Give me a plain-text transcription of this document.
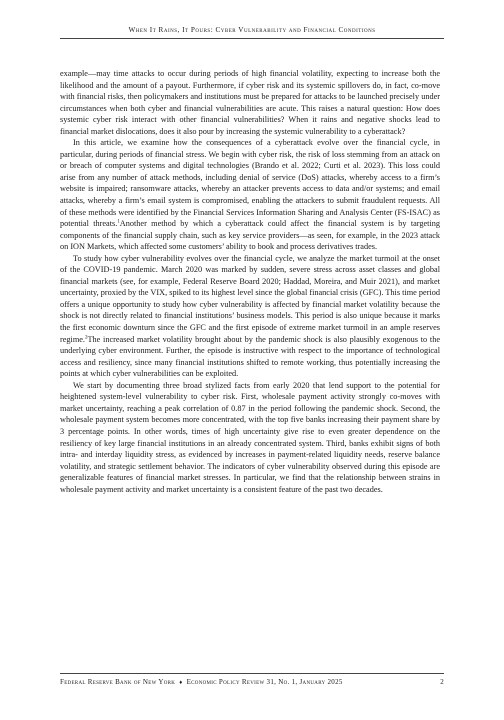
When It Rains, It Pours: Cyber Vulnerability and Financial Conditions

example—may time attacks to occur during periods of high financial volatility, expecting to increase both the likelihood and the amount of a payout. Furthermore, if cyber risk and its systemic spillovers do, in fact, co-move with financial risks, then policymakers and institutions must be prepared for attacks to be launched precisely under circumstances when both cyber and financial vulnerabilities are acute. This raises a natural question: How does systemic cyber risk interact with other financial vulnerabilities? When it rains and negative shocks lead to financial market dislocations, does it also pour by increasing the systemic vulnerability to a cyberattack?

In this article, we examine how the consequences of a cyberattack evolve over the financial cycle, in particular, during periods of financial stress. We begin with cyber risk, the risk of loss stemming from an attack on or breach of computer systems and digital technologies (Brando et al. 2022; Curti et al. 2023). This loss could arise from any number of attack methods, including denial of service (DoS) attacks, whereby access to a firm’s website is impaired; ransomware attacks, whereby an attacker prevents access to data and/or systems; and email attacks, whereby a firm’s email system is compromised, enabling the attackers to submit fraudulent requests. All of these methods were identified by the Financial Services Information Sharing and Analysis Center (FS-ISAC) as potential threats.$^1$Another method by which a cyberattack could affect the financial system is by targeting components of the financial supply chain, such as key service providers—as seen, for example, in the 2023 attack on ION Markets, which affected some customers’ ability to book and process derivatives trades.

To study how cyber vulnerability evolves over the financial cycle, we analyze the market turmoil at the onset of the COVID-19 pandemic. March 2020 was marked by sudden, severe stress across asset classes and global financial markets (see, for example, Federal Reserve Board 2020; Haddad, Moreira, and Muir 2021), and market uncertainty, proxied by the VIX, spiked to its highest level since the global financial crisis (GFC). This time period offers a unique opportunity to study how cyber vulnerability is affected by financial market volatility because the shock is not directly related to financial institutions’ business models. This period is also unique because it marks the first economic downturn since the GFC and the first episode of extreme market turmoil in an ample reserves regime.$^2$The increased market volatility brought about by the pandemic shock is also plausibly exogenous to the underlying cyber environment. Further, the episode is instructive with respect to the importance of technological access and resiliency, since many financial institutions shifted to remote working, thus potentially increasing the points at which cyber vulnerabilities can be exploited.

We start by documenting three broad stylized facts from early 2020 that lend support to the potential for heightened system-level vulnerability to cyber risk. First, wholesale payment activity strongly co-moves with market uncertainty, reaching a peak correlation of 0.87 in the period following the pandemic shock. Second, the wholesale payment system becomes more concentrated, with the top five banks increasing their payment share by 3 percentage points. In other words, times of high uncertainty give rise to even greater dependence on the resiliency of key large financial institutions in an already concentrated system. Third, banks exhibit signs of both intra- and interday liquidity stress, as evidenced by increases in payment-related liquidity needs, reserve balance volatility, and strategic settlement behavior. The indicators of cyber vulnerability observed during this episode are generalizable features of financial market stresses. In particular, we find that the relationship between strains in wholesale payment activity and market uncertainty is a consistent feature of the past two decades.

Federal Reserve Bank of New York ♦ Economic Policy Review 31, No. 1, January 2025	2
